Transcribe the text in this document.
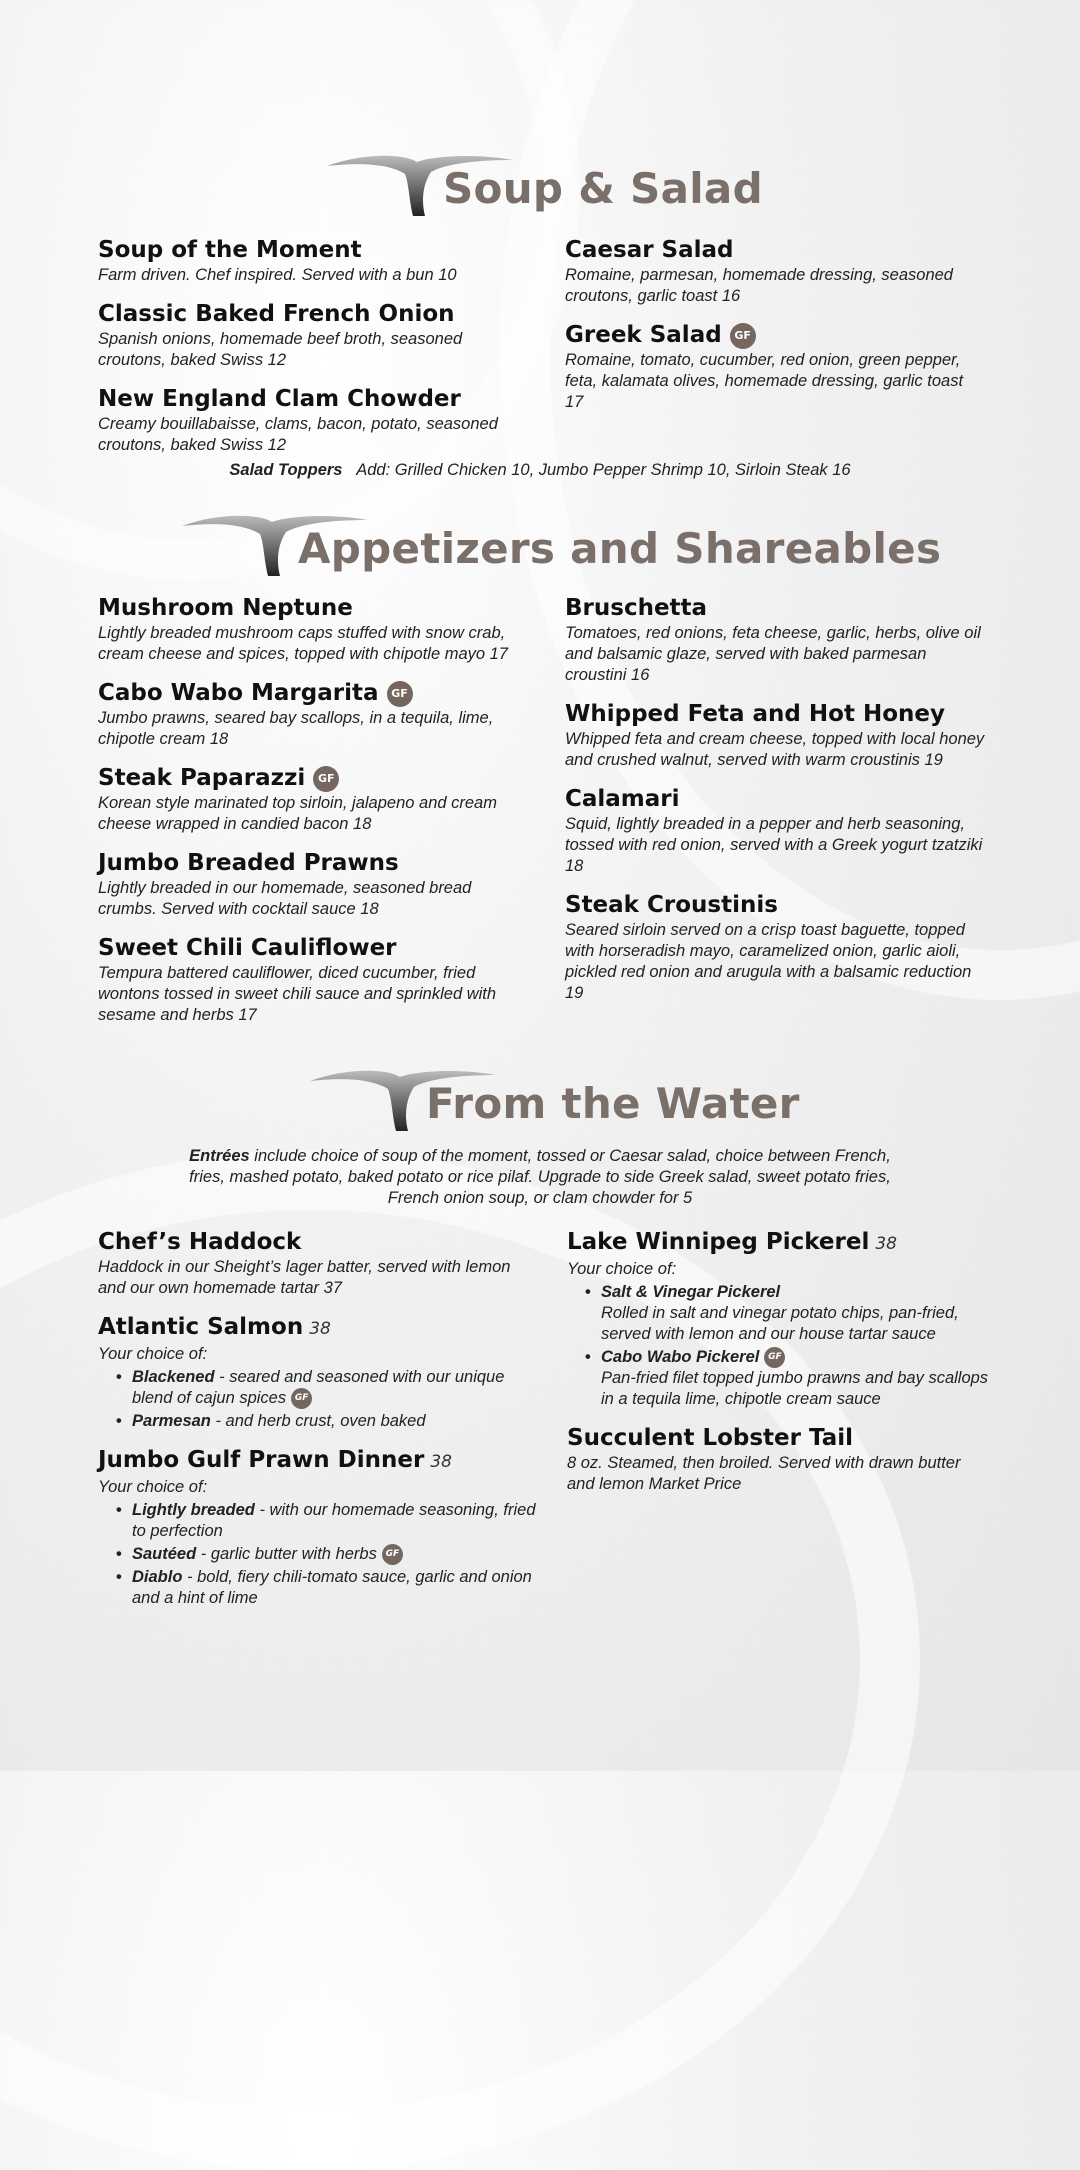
Soup & Salad
Soup of the Moment
Farm driven. Chef inspired. Served with a bun 10
Classic Baked French Onion
Spanish onions, homemade beef broth, seasoned croutons, baked Swiss 12
New England Clam Chowder
Creamy bouillabaisse, clams, bacon, potato, seasoned croutons, baked Swiss 12
Caesar Salad
Romaine, parmesan, homemade dressing, seasoned croutons, garlic toast 16
Greek Salad GF
Romaine, tomato, cucumber, red onion, green pepper, feta, kalamata olives, homemade dressing, garlic toast 17
Salad Toppers Add: Grilled Chicken 10, Jumbo Pepper Shrimp 10, Sirloin Steak 16
Appetizers and Shareables
Mushroom Neptune
Lightly breaded mushroom caps stuffed with snow crab, cream cheese and spices, topped with chipotle mayo 17
Cabo Wabo Margarita GF
Jumbo prawns, seared bay scallops, in a tequila, lime, chipotle cream 18
Steak Paparazzi GF
Korean style marinated top sirloin, jalapeno and cream cheese wrapped in candied bacon 18
Jumbo Breaded Prawns
Lightly breaded in our homemade, seasoned bread crumbs. Served with cocktail sauce 18
Sweet Chili Cauliflower
Tempura battered cauliflower, diced cucumber, fried wontons tossed in sweet chili sauce and sprinkled with sesame and herbs 17
Bruschetta
Tomatoes, red onions, feta cheese, garlic, herbs, olive oil and balsamic glaze, served with baked parmesan croustini 16
Whipped Feta and Hot Honey
Whipped feta and cream cheese, topped with local honey and crushed walnut, served with warm croustinis 19
Calamari
Squid, lightly breaded in a pepper and herb seasoning, tossed with red onion, served with a Greek yogurt tzatziki 18
Steak Croustinis
Seared sirloin served on a crisp toast baguette, topped with horseradish mayo, caramelized onion, garlic aioli, pickled red onion and arugula with a balsamic reduction 19
From the Water
Entrées include choice of soup of the moment, tossed or Caesar salad, choice between French,
fries, mashed potato, baked potato or rice pilaf. Upgrade to side Greek salad, sweet potato fries,
French onion soup, or clam chowder for 5
Chef’s Haddock
Haddock in our Sheight’s lager batter, served with lemon and our own homemade tartar 37
Atlantic Salmon 38
Your choice of:
• Blackened - seared and seasoned with our unique blend of cajun spices GF
• Parmesan - and herb crust, oven baked
Jumbo Gulf Prawn Dinner 38
Your choice of:
• Lightly breaded - with our homemade seasoning, fried to perfection
• Sautéed - garlic butter with herbs GF
• Diablo - bold, fiery chili-tomato sauce, garlic and onion and a hint of lime
Lake Winnipeg Pickerel 38
Your choice of:
• Salt & Vinegar Pickerel
Rolled in salt and vinegar potato chips, pan-fried, served with lemon and our house tartar sauce
• Cabo Wabo Pickerel GF
Pan-fried filet topped jumbo prawns and bay scallops in a tequila lime, chipotle cream sauce
Succulent Lobster Tail
8 oz. Steamed, then broiled. Served with drawn butter and lemon Market Price
